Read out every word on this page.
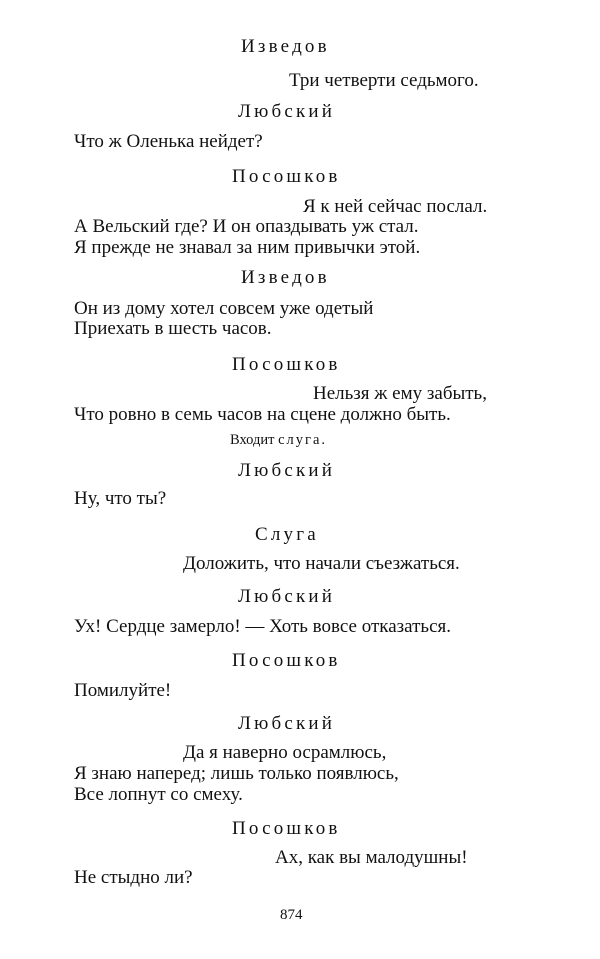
Изведов
Три четверти седьмого.
Любский
Что ж Оленька нейдет?
Посошков
Я к ней сейчас послал.
А Вельский где? И он опаздывать уж стал.
Я прежде не знавал за ним привычки этой.
Изведов
Он из дому хотел совсем уже одетый
Приехать в шесть часов.
Посошков
Нельзя ж ему забыть,
Что ровно в семь часов на сцене должно быть.
Входит слуга.
Любский
Ну, что ты?
Слуга
Доложить, что начали съезжаться.
Любский
Ух! Сердце замерло! — Хоть вовсе отказаться.
Посошков
Помилуйте!
Любский
Да я наверно осрамлюсь,
Я знаю наперед; лишь только появлюсь,
Все лопнут со смеху.
Посошков
Ах, как вы малодушны!
Не стыдно ли?
874
